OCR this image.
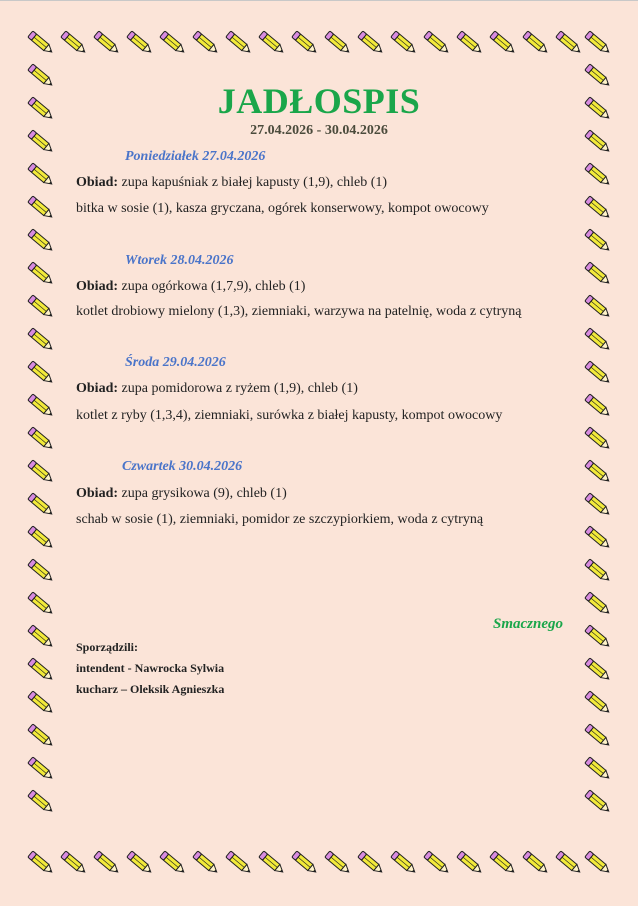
JADŁOSPIS
27.04.2026 - 30.04.2026
Poniedziałek 27.04.2026
Obiad: zupa kapuśniak z białej kapusty (1,9), chleb (1)
bitka w sosie (1), kasza gryczana, ogórek konserwowy, kompot owocowy
Wtorek 28.04.2026
Obiad: zupa ogórkowa (1,7,9), chleb (1)
kotlet drobiowy mielony (1,3), ziemniaki, warzywa na patelnię, woda z cytryną
Środa 29.04.2026
Obiad: zupa pomidorowa z ryżem (1,9), chleb (1)
kotlet z ryby (1,3,4), ziemniaki, surówka z białej kapusty, kompot owocowy
Czwartek 30.04.2026
Obiad: zupa grysikowa (9), chleb (1)
schab w sosie (1), ziemniaki, pomidor ze szczypiorkiem, woda z cytryną
Smacznego
Sporządzili:
intendent - Nawrocka Sylwia
kucharz – Oleksik Agnieszka
